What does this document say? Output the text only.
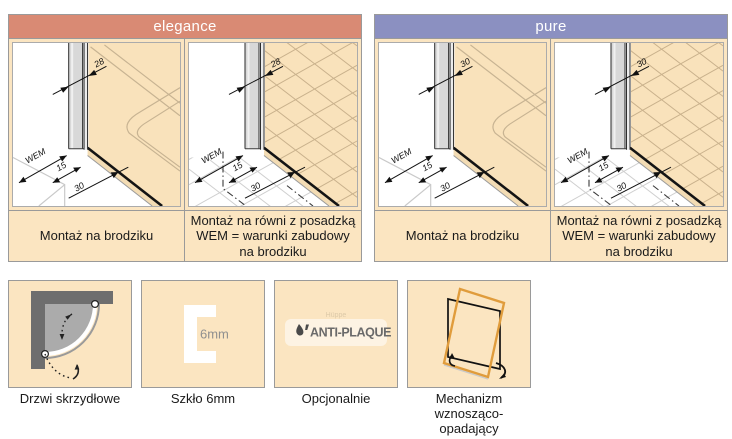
elegance
28
WEM
15
30
28
WEM
15
30
Montaż na brodziku
Montaż na równi z posadzką WEM = warunki zabudowy na brodziku
pure
30
WEM
15
30
30
WEM
15
30
Montaż na brodziku
Montaż na równi z posadzką WEM = warunki zabudowy na brodziku
Drzwi skrzydłowe
6mm
Szkło 6mm
Hüppe
ANTI-PLAQUE
Opcjonalnie	Mechanizm wznosząco-opadający
